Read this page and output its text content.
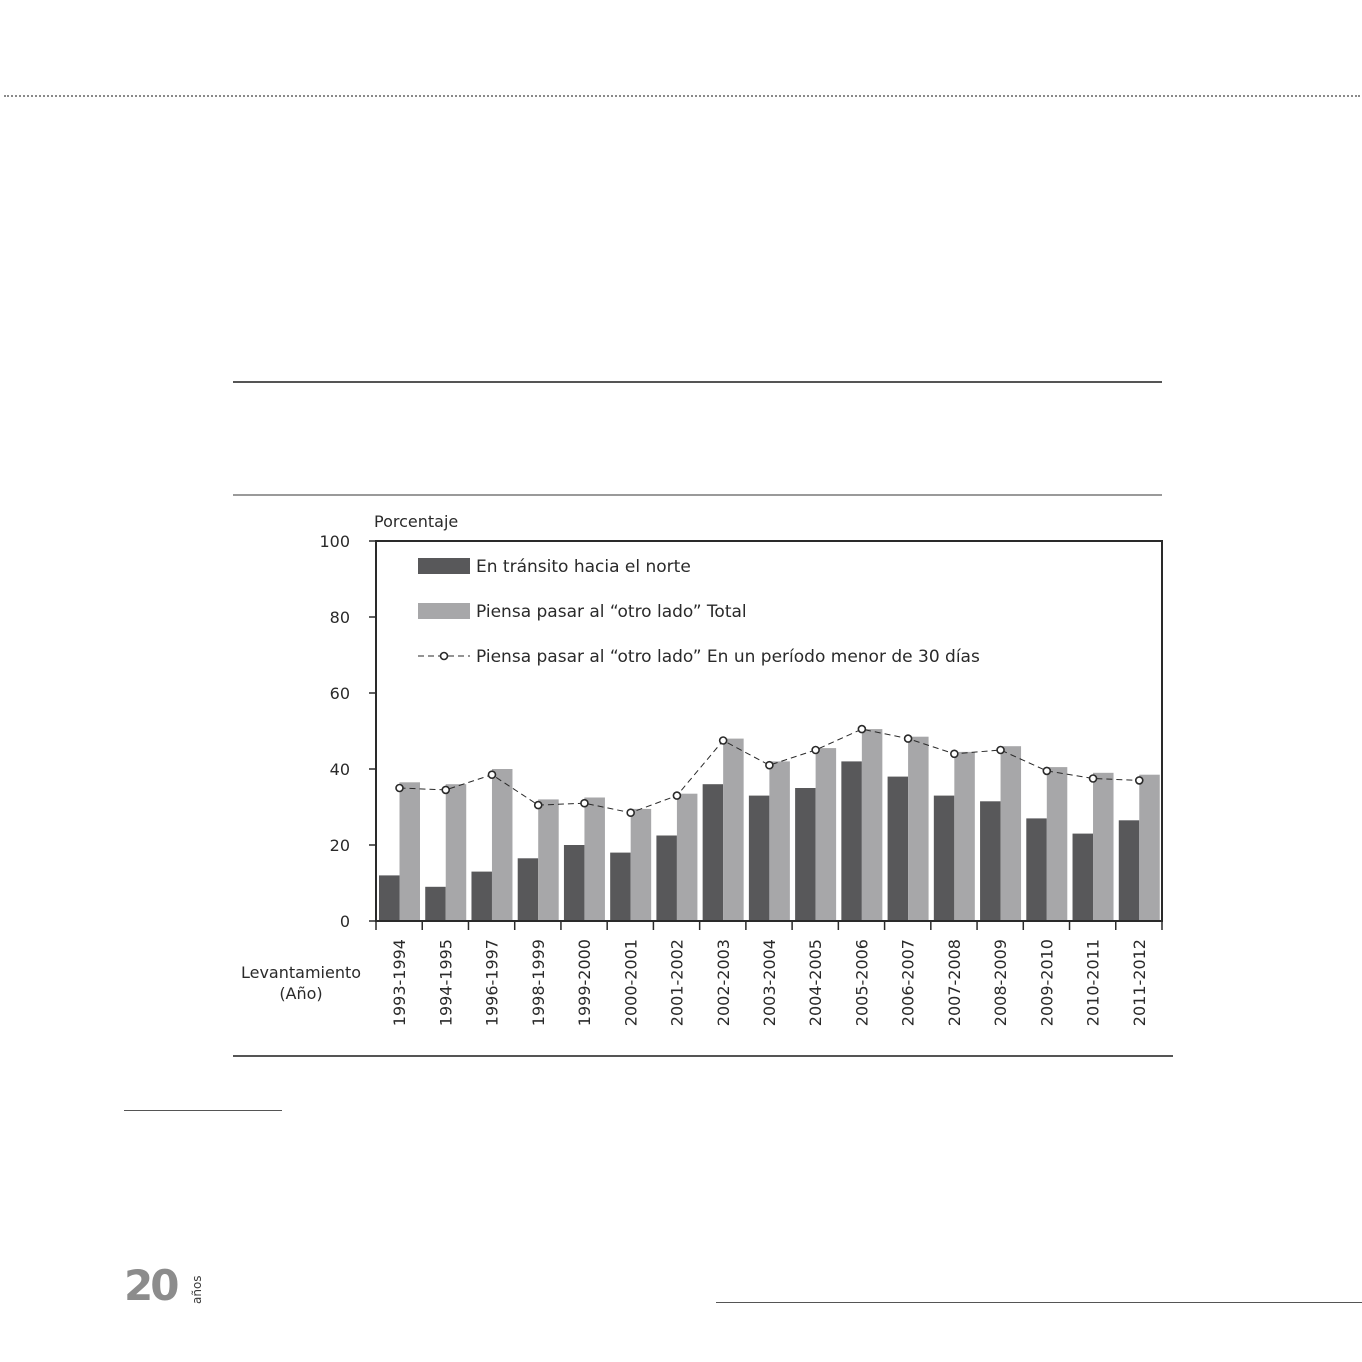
0
20
40
60
80
100
1993-1994 1994-1995 1996-1997 1998-1999 1999-2000 2000-2001 2001-2002 2002-2003 2003-2004 2004-2005 2005-2006 2006-2007 2007-2008 2008-2009 2009-2010 2010-2011 2011-2012
Porcentaje
Levantamiento
(Año)
En tránsito hacia el norte
Piensa pasar al “otro lado” Total
Piensa pasar al “otro lado” En un período menor de 30 días
20 años
